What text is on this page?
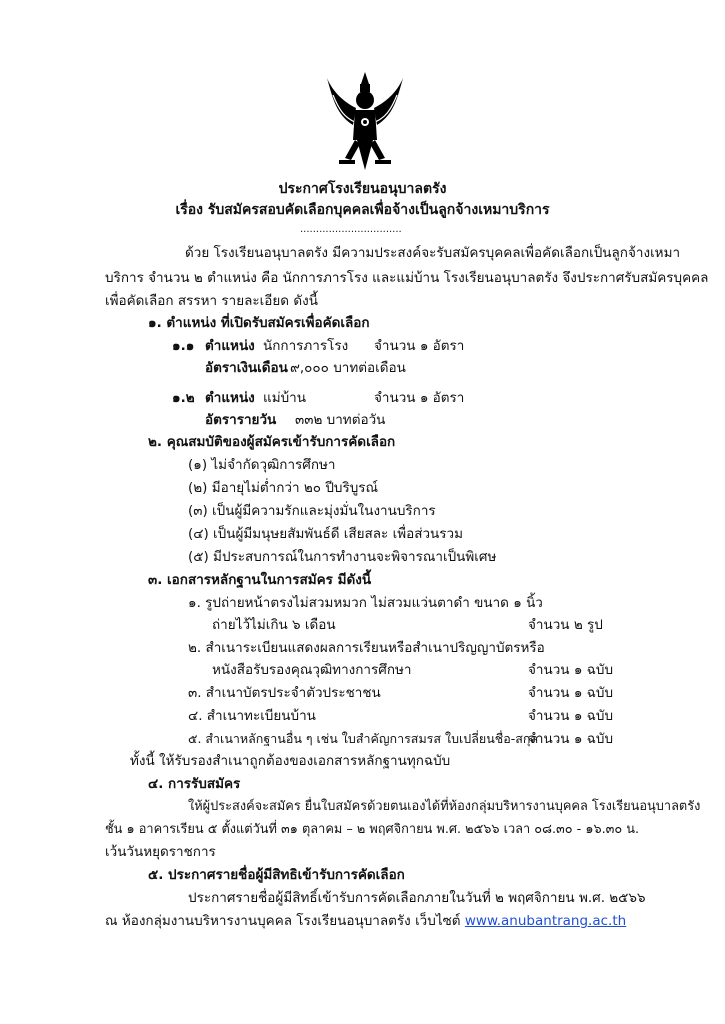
ประกาศโรงเรียนอนุบาลตรัง
เรื่อง รับสมัครสอบคัดเลือกบุคคลเพื่อจ้างเป็นลูกจ้างเหมาบริการ
................................
ด้วย โรงเรียนอนุบาลตรัง มีความประสงค์จะรับสมัครบุคคลเพื่อคัดเลือกเป็นลูกจ้างเหมา
บริการ จำนวน ๒ ตำแหน่ง คือ นักการภารโรง และแม่บ้าน โรงเรียนอนุบาลตรัง จึงประกาศรับสมัครบุคคล
เพื่อคัดเลือก สรรหา รายละเอียด ดังนี้
๑. ตำแหน่ง ที่เปิดรับสมัครเพื่อคัดเลือก
๑.๑ ตำแหน่ง นักการภารโรง จำนวน ๑ อัตรา
อัตราเงินเดือน ๙,๐๐๐ บาทต่อเดือน
๑.๒ ตำแหน่ง แม่บ้าน	จำนวน ๑ อัตรา
อัตรารายวัน ๓๓๒ บาทต่อวัน
๒. คุณสมบัติของผู้สมัครเข้ารับการคัดเลือก
(๑) ไม่จำกัดวุฒิการศึกษา
(๒) มีอายุไม่ต่ำกว่า ๒๐ ปีบริบูรณ์
(๓) เป็นผู้มีความรักและมุ่งมั่นในงานบริการ
(๔) เป็นผู้มีมนุษยสัมพันธ์ดี เสียสละ เพื่อส่วนรวม
(๕) มีประสบการณ์ในการทำงานจะพิจารณาเป็นพิเศษ
๓. เอกสารหลักฐานในการสมัคร มีดังนี้
๑. รูปถ่ายหน้าตรงไม่สวมหมวก ไม่สวมแว่นตาดำ ขนาด ๑ นิ้ว
ถ่ายไว้ไม่เกิน ๖ เดือน	จำนวน ๒ รูป
๒. สำเนาระเบียนแสดงผลการเรียนหรือสำเนาปริญญาบัตรหรือ
หนังสือรับรองคุณวุฒิทางการศึกษา	จำนวน ๑ ฉบับ
๓. สำเนาบัตรประจำตัวประชาชน	จำนวน ๑ ฉบับ
๔. สำเนาทะเบียนบ้าน	จำนวน ๑ ฉบับ
๕. สำเนาหลักฐานอื่น ๆ เช่น ใบสำคัญการสมรส ใบเปลี่ยนชื่อ-สกุล
จำนวน ๑ ฉบับ
ทั้งนี้ ให้รับรองสำเนาถูกต้องของเอกสารหลักฐานทุกฉบับ
๔. การรับสมัคร
ให้ผู้ประสงค์จะสมัคร ยื่นใบสมัครด้วยตนเองได้ที่ห้องกลุ่มบริหารงานบุคคล โรงเรียนอนุบาลตรัง
ชั้น ๑ อาคารเรียน ๕ ตั้งแต่วันที่ ๓๑ ตุลาคม – ๒ พฤศจิกายน พ.ศ. ๒๕๖๖ เวลา ๐๘.๓๐ - ๑๖.๓๐ น.
เว้นวันหยุดราชการ
๕. ประกาศรายชื่อผู้มีสิทธิเข้ารับการคัดเลือก
ประกาศรายชื่อผู้มีสิทธิ์เข้ารับการคัดเลือกภายในวันที่ ๒ พฤศจิกายน พ.ศ. ๒๕๖๖
ณ ห้องกลุ่มงานบริหารงานบุคคล โรงเรียนอนุบาลตรัง เว็บไซต์ www.anubantrang.ac.th
